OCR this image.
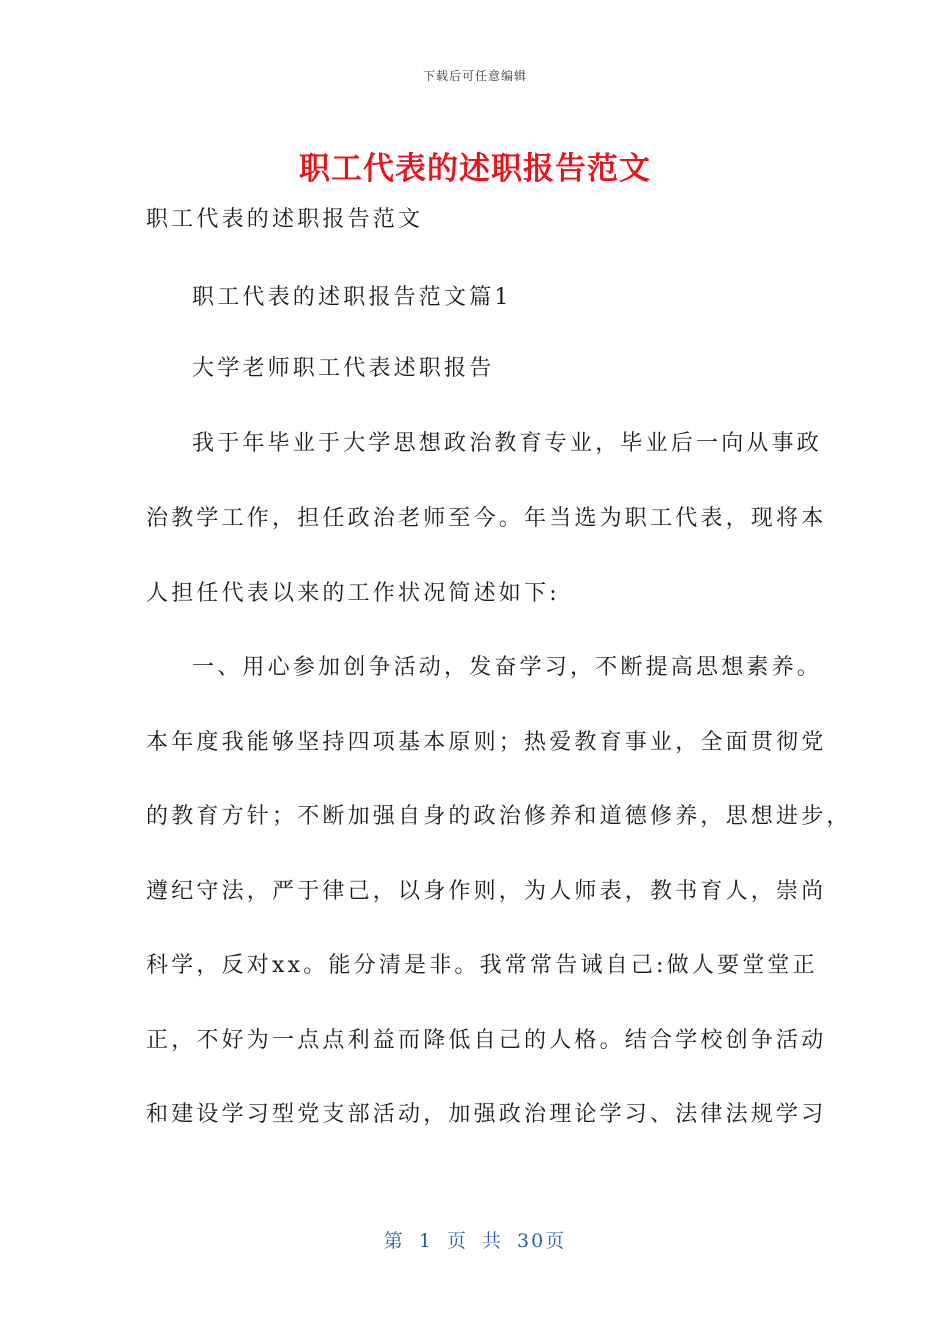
下载后可任意编辑
职工代表的述职报告范文
职工代表的述职报告范文
职工代表的述职报告范文篇1
大学老师职工代表述职报告
我于年毕业于大学思想政治教育专业，毕业后一向从事政
治教学工作，担任政治老师至今。年当选为职工代表，现将本
人担任代表以来的工作状况简述如下:
一、用心参加创争活动，发奋学习，不断提高思想素养。
本年度我能够坚持四项基本原则；热爱教育事业，全面贯彻党
的教育方针；不断加强自身的政治修养和道德修养，思想进步，
遵纪守法，严于律己，以身作则，为人师表，教书育人，崇尚
科学，反对xx。能分清是非。我常常告诫自己:做人要堂堂正
正，不好为一点点利益而降低自己的人格。结合学校创争活动
和建设学习型党支部活动，加强政治理论学习、法律法规学习
第 1 页 共 30页
